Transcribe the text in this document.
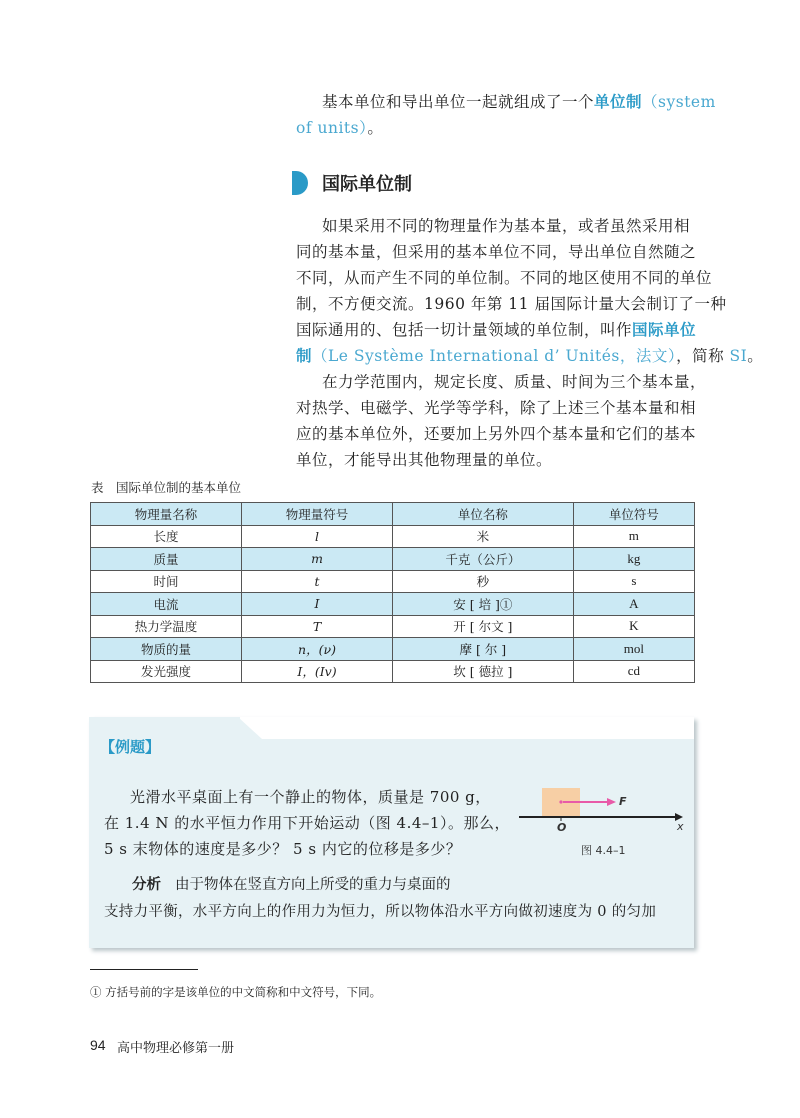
基本单位和导出单位一起就组成了一个单位制（system
of units）。
国际单位制
如果采用不同的物理量作为基本量，或者虽然采用相
同的基本量，但采用的基本单位不同，导出单位自然随之
不同，从而产生不同的单位制。不同的地区使用不同的单位
制，不方便交流。1960 年第 11 届国际计量大会制订了一种
国际通用的、包括一切计量领域的单位制，叫作国际单位
制（Le Système International d’ Unités，法文），简称 SI。
在力学范围内，规定长度、质量、时间为三个基本量，
对热学、电磁学、光学等学科，除了上述三个基本量和相
应的基本单位外，还要加上另外四个基本量和它们的基本
单位，才能导出其他物理量的单位。
表　国际单位制的基本单位
物理量名称	物理量符号	单位名称	单位符号
长度	l	米	m
质量	m	千克（公斤）	kg
时间	t	秒	s
电流	I	安 [ 培 ]①	A
热力学温度	T	开 [ 尔文 ]	K
物质的量	n，(ν)	摩 [ 尔 ]	mol
发光强度	I，(Iv)	坎 [ 德拉 ]	cd
【例题】
光滑水平桌面上有一个静止的物体，质量是 700 g，
在 1.4 N 的水平恒力作用下开始运动（图 4.4–1）。那么，
5 s 末物体的速度是多少？ 5 s 内它的位移是多少？
F
O	x
图 4.4–1
分析 由于物体在竖直方向上所受的重力与桌面的
支持力平衡，水平方向上的作用力为恒力，所以物体沿水平方向做初速度为 0 的匀加
① 方括号前的字是该单位的中文简称和中文符号，下同。
94 高中物理必修第一册
